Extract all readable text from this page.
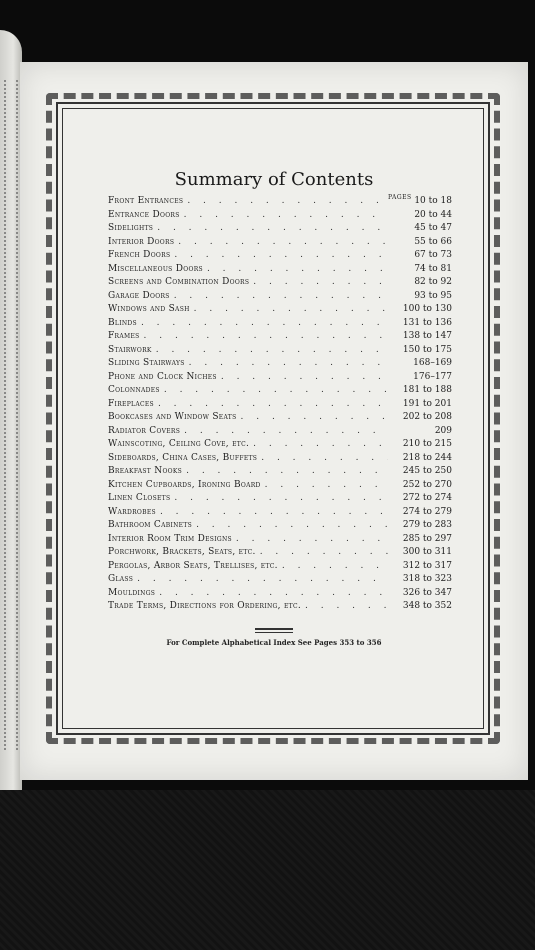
Summary of Contents
PAGES
Front Entrances . . .	10 to 18
Entrance Doors . . .	20 to 44
Sidelights . . .	45 to 47
Interior Doors . . .	55 to 66
French Doors . . .	67 to 73
Miscellaneous Doors . . .	74 to 81
Screens and Combination Doors . . .	82 to 92
Garage Doors . . .	93 to 95
Windows and Sash . . .	100 to 130
Blinds . . .	131 to 136
Frames . . .	138 to 147
Stairwork . . .	150 to 175
Sliding Stairways . . .	168–169
Phone and Clock Niches . . .	176–177
Colonnades . . .	181 to 188
Fireplaces . . .	191 to 201
Bookcases and Window Seats . . .	202 to 208
Radiator Covers . . .	209
Wainscoting, Ceiling Cove, etc. . . .	210 to 215
Sideboards, China Cases, Buffets . . .	218 to 244
Breakfast Nooks . . .	245 to 250
Kitchen Cupboards, Ironing Board . . .	252 to 270
Linen Closets . . .	272 to 274
Wardrobes . . .	274 to 279
Bathroom Cabinets . . .	279 to 283
Interior Room Trim Designs . . .	285 to 297
Porchwork, Brackets, Seats, etc. . . .	300 to 311
Pergolas, Arbor Seats, Trellises, etc. . . .	312 to 317
Glass . . .	318 to 323
Mouldings . . .	326 to 347
Trade Terms, Directions for Ordering, etc. . . .	348 to 352
For Complete Alphabetical Index See Pages 353 to 356
